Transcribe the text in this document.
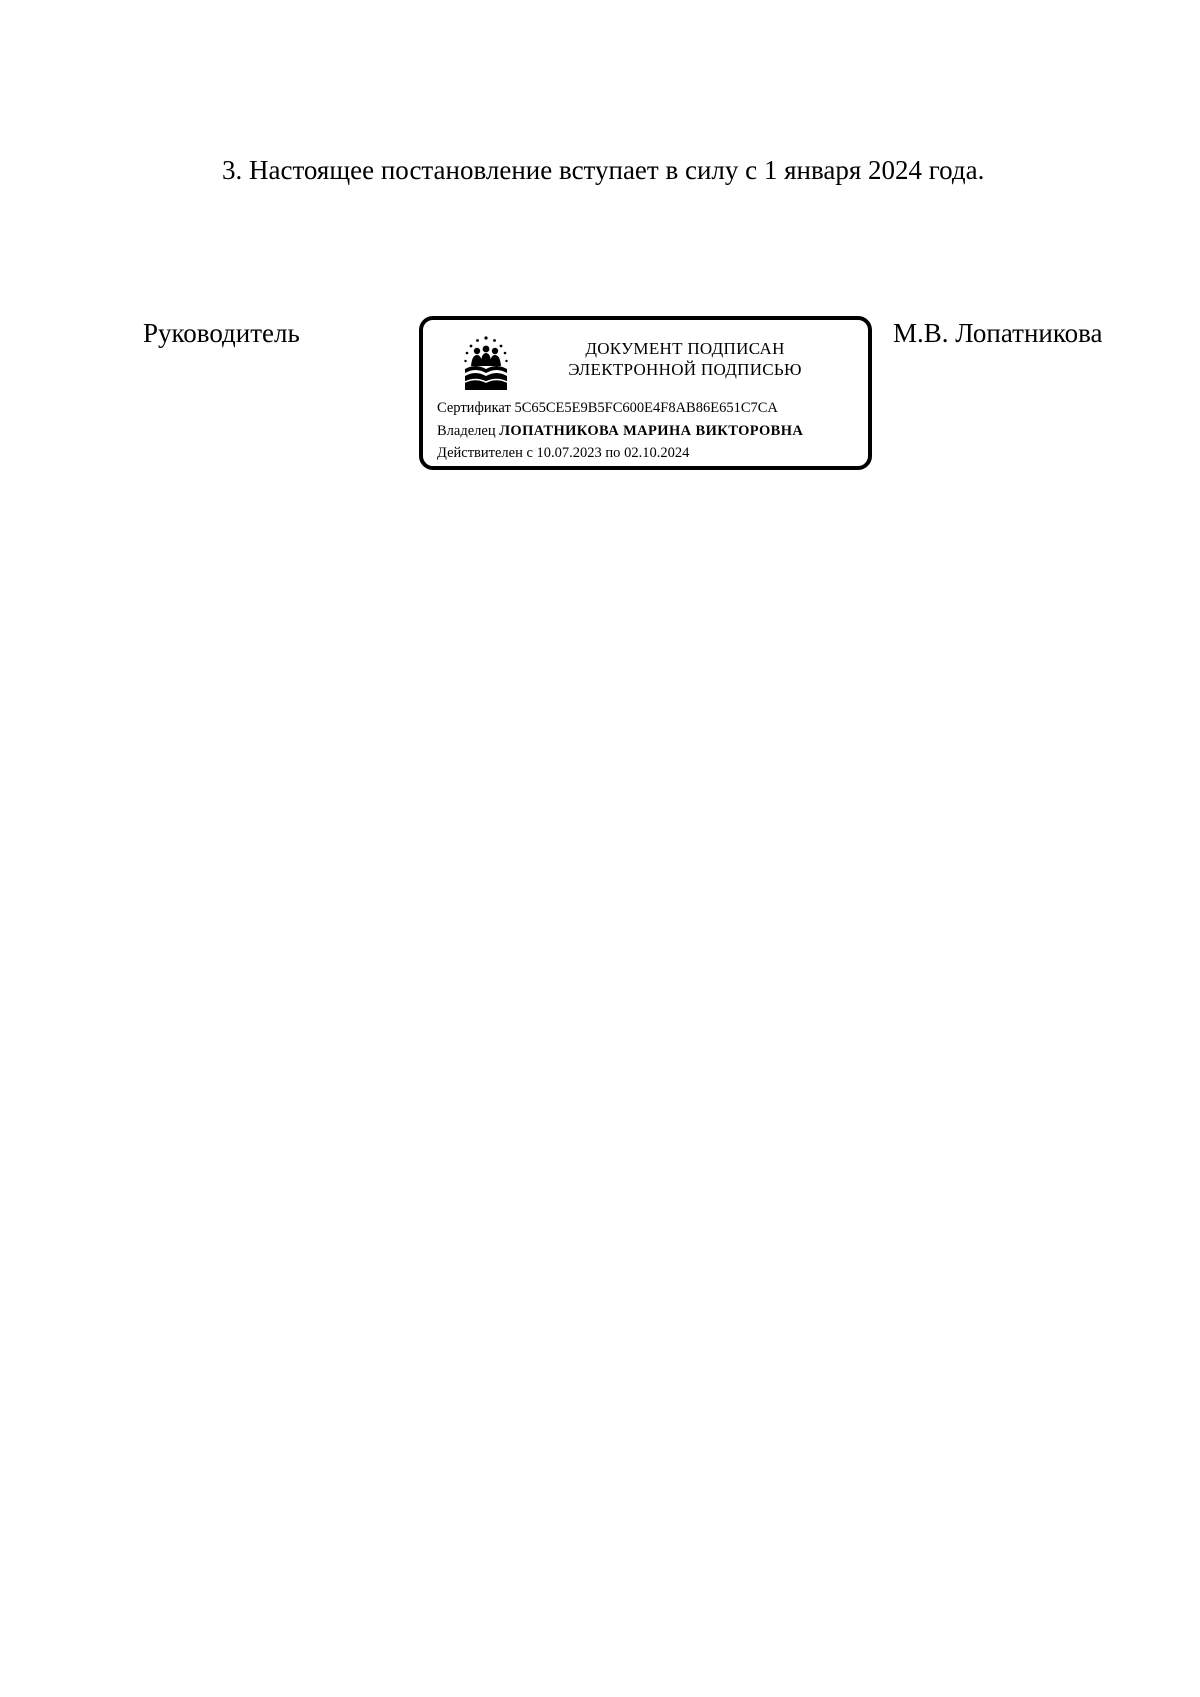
3. Настоящее постановление вступает в силу с 1 января 2024 года.

Руководитель
ДОКУМЕНТ ПОДПИСАН
ЭЛЕКТРОННОЙ ПОДПИСЬЮ
Сертификат 5C65CE5E9B5FC600E4F8AB86E651C7CA
Владелец ЛОПАТНИКОВА МАРИНА ВИКТОРОВНА
Действителен с 10.07.2023 по 02.10.2024
М.В. Лопатникова
